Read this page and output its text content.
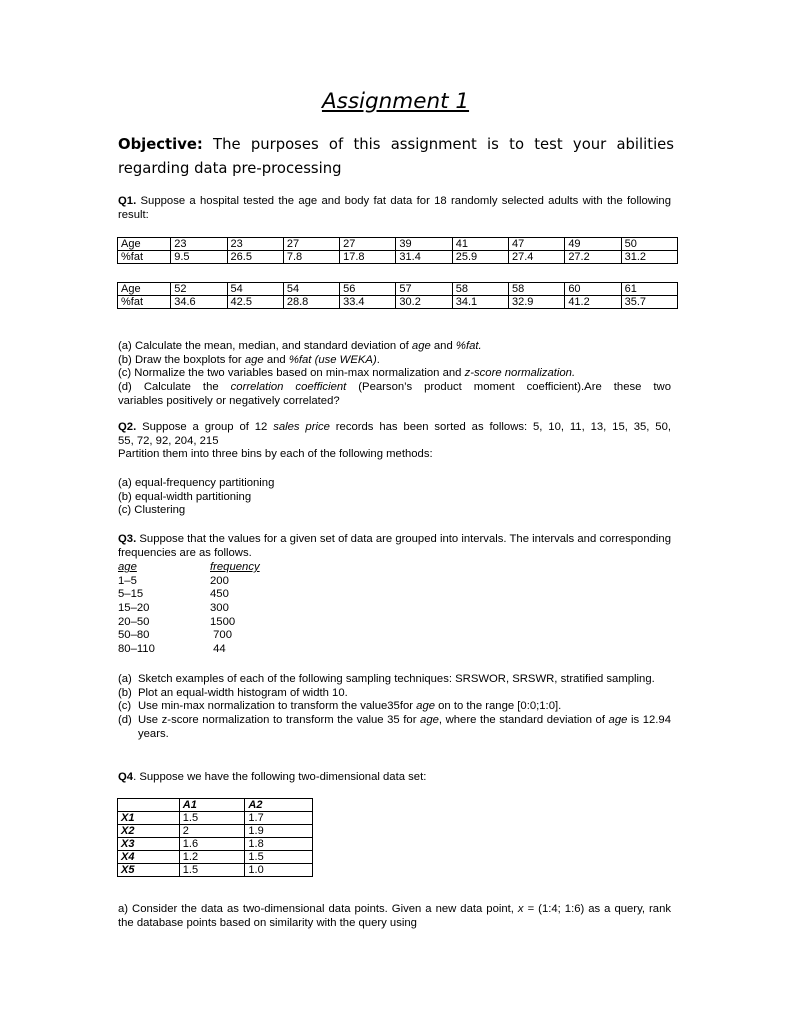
Assignment 1
Objective: The purposes of this assignment is to test your abilities regarding data pre-processing
Q1. Suppose a hospital tested the age and body fat data for 18 randomly selected adults with the following result:
Age	23	23	27	27	39	41	47	49	50
%fat	9.5	26.5	7.8	17.8	31.4	25.9	27.4	27.2	31.2
Age	52	54	54	56	57	58	58	60	61
%fat	34.6	42.5	28.8	33.4	30.2	34.1	32.9	41.2	35.7
(a) Calculate the mean, median, and standard deviation of age and %fat.
(b) Draw the boxplots for age and %fat (use WEKA).
(c) Normalize the two variables based on min-max normalization and z-score normalization.
(d) Calculate the correlation coefficient (Pearson’s product moment coefficient).Are these two
variables positively or negatively correlated?
Q2. Suppose a group of 12 sales price records has been sorted as follows: 5, 10, 11, 13, 15, 35, 50,
55, 72, 92, 204, 215
Partition them into three bins by each of the following methods:
(a) equal-frequency partitioning
(b) equal-width partitioning
(c) Clustering
Q3. Suppose that the values for a given set of data are grouped into intervals. The intervals and corresponding frequencies are as follows.
age	frequency
1–5	200
5–15	450
15–20	300
20–50	1500
50–80	700
80–110	44
(a) Sketch examples of each of the following sampling techniques: SRSWOR, SRSWR, stratified sampling.
(b) Plot an equal-width histogram of width 10.
(c) Use min-max normalization to transform the value35for age on to the range [0:0;1:0].
(d) Use z-score normalization to transform the value 35 for age, where the standard deviation of age is 12.94 years.
Q4. Suppose we have the following two-dimensional data set:
	A1	A2
X1	1.5	1.7
X2	2	1.9
X3	1.6	1.8
X4	1.2	1.5
X5	1.5	1.0
a) Consider the data as two-dimensional data points. Given a new data point, x = (1:4; 1:6) as a query, rank the database points based on similarity with the query using
